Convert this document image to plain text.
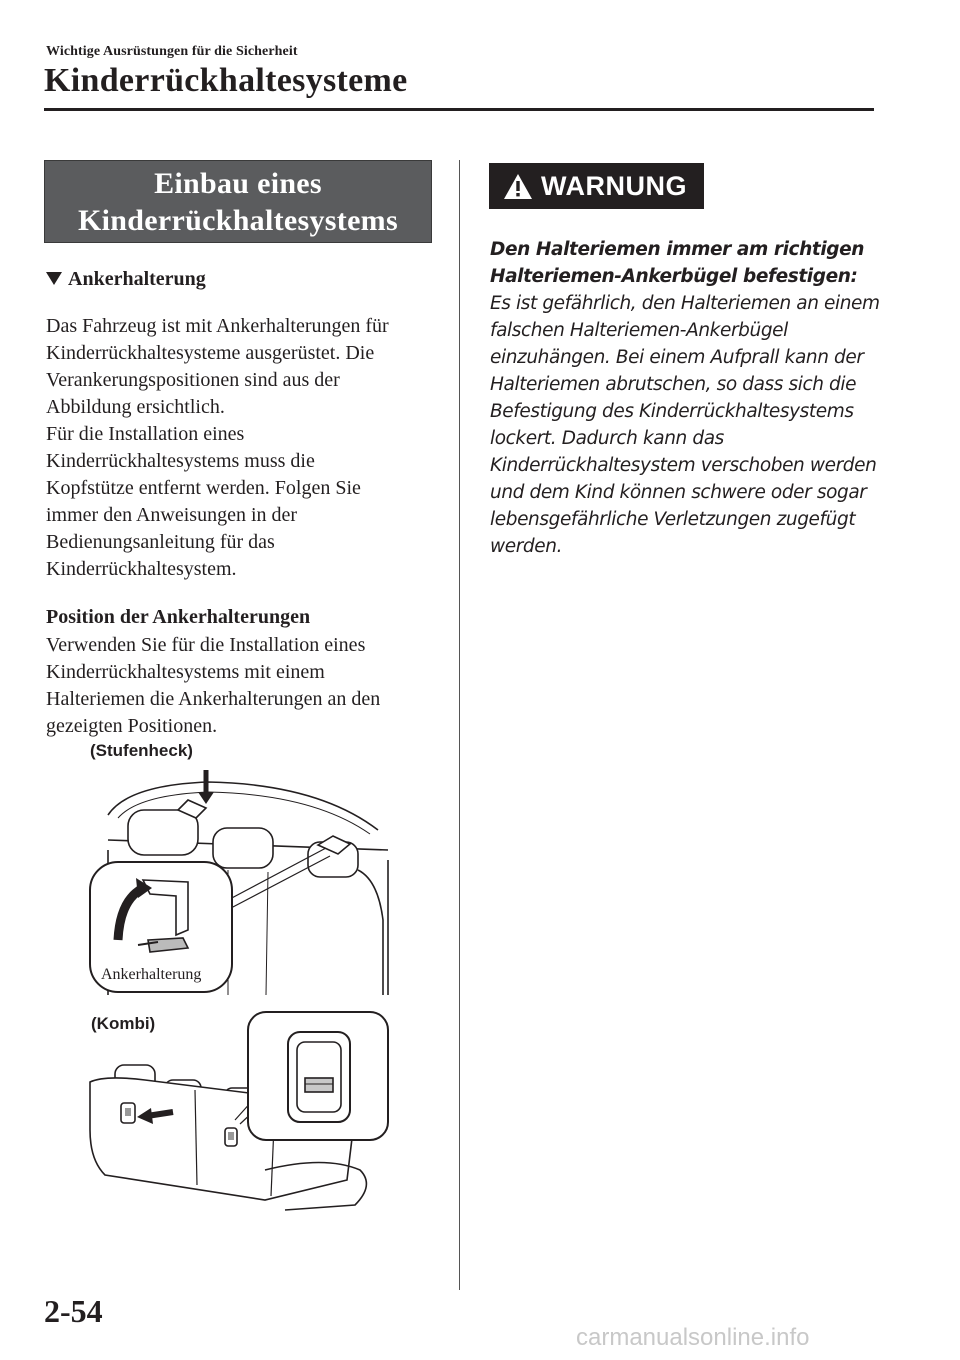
Wichtige Ausrüstungen für die Sicherheit
Kinderrückhaltesysteme
Einbau eines
Kinderrückhaltesystems
Ankerhalterung
Das Fahrzeug ist mit Ankerhalterungen für
Kinderrückhaltesysteme ausgerüstet. Die
Verankerungspositionen sind aus der
Abbildung ersichtlich.
Für die Installation eines
Kinderrückhaltesystems muss die
Kopfstütze entfernt werden. Folgen Sie
immer den Anweisungen in der
Bedienungsanleitung für das
Kinderrückhaltesystem.
Position der Ankerhalterungen
Verwenden Sie für die Installation eines
Kinderrückhaltesystems mit einem
Halteriemen die Ankerhalterungen an den
gezeigten Positionen.
(Stufenheck)
Ankerhalterung
(Kombi)
WARNUNG
Den Halteriemen immer am richtigen
Halteriemen-Ankerbügel befestigen:
Es ist gefährlich, den Halteriemen an einem
falschen Halteriemen-Ankerbügel
einzuhängen. Bei einem Aufprall kann der
Halteriemen abrutschen, so dass sich die
Befestigung des Kinderrückhaltesystems
lockert. Dadurch kann das
Kinderrückhaltesystem verschoben werden
und dem Kind können schwere oder sogar
lebensgefährliche Verletzungen zugefügt
werden.
2-54
carmanualsonline.info
